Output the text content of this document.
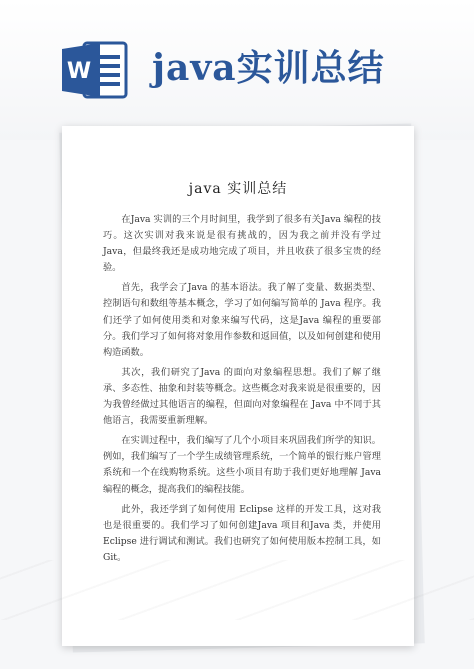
W java实训总结
java 实训总结

在Java 实训的三个月时间里，我学到了很多有关Java 编程的技巧。这次实训对我来说是很有挑战的，因为我之前并没有学过 Java，但最终我还是成功地完成了项目，并且收获了很多宝贵的经验。

首先，我学会了Java 的基本语法。我了解了变量、数据类型、控制语句和数组等基本概念，学习了如何编写简单的 Java 程序。我们还学了如何使用类和对象来编写代码，这是Java 编程的重要部分。我们学习了如何将对象用作参数和返回值，以及如何创建和使用构造函数。

其次，我们研究了Java 的面向对象编程思想。我们了解了继承、多态性、抽象和封装等概念。这些概念对我来说是很重要的，因为我曾经做过其他语言的编程，但面向对象编程在 Java 中不同于其他语言，我需要重新理解。

在实训过程中，我们编写了几个小项目来巩固我们所学的知识。例如，我们编写了一个学生成绩管理系统，一个简单的银行账户管理系统和一个在线购物系统。这些小项目有助于我们更好地理解 Java 编程的概念，提高我们的编程技能。

此外，我还学到了如何使用 Eclipse 这样的开发工具，这对我也是很重要的。我们学习了如何创建Java 项目和Java 类，并使用 Eclipse 进行调试和测试。我们也研究了如何使用版本控制工具，如 Git。
